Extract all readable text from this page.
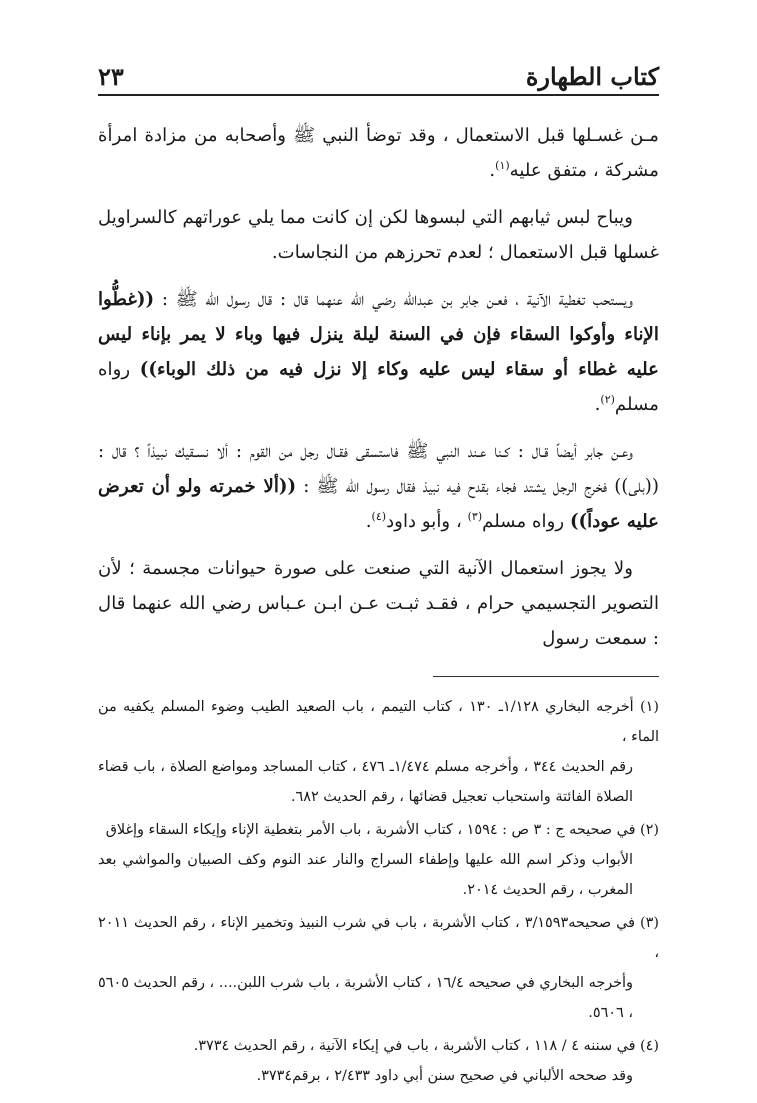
كتاب الطهارة
٢٣

مـن غسـلها قبل الاستعمال ، وقد توضأ النبي ﷺ وأصحابه من مزادة امرأة مشركة ، متفق عليه$^{(١)}$.

ويباح لبس ثيابهم التي لبسوها لكن إن كانت مما يلي عوراتهم كالسراويل غسلها قبل الاستعمال ؛ لعدم تحرزهم من النجاسات.

ويستحب تغطية الآنية ، فعـن جابر بن عبدالله رضي الله عنهما قال : قال رسول الله ﷺ : ((غطُّوا الإناء وأوكوا السقاء فإن في السنة ليلة ينزل فيها وباء لا يمر بإناء ليس عليه غطاء أو سقاء ليس عليه وكاء إلا نزل فيه من ذلك الوباء)) رواه مسلم$^{(٢)}$.

وعـن جابر أيضاً قـال : كـنا عـند النبي ﷺ فاستسقى فقـال رجل من القوم : ألا نسـقيك نبيذاً ؟ قال : ((بلى)) فخرج الرجل يشتد فجاء بقدح فيه نبيذ فقال رسول الله ﷺ : ((ألا خمرته ولو أن تعرض عليه عوداً)) رواه مسلم$^{(٣)}$ ، وأبو داود$^{(٤)}$.

ولا يجوز استعمال الآنية التي صنعت على صورة حيوانات مجسمة ؛ لأن التصوير التجسيمي حرام ، فقـد ثبـت عـن ابـن عـباس رضي الله عنهما قال : سمعت رسول

(١) أخرجه البخاري ١/١٢٨ـ ١٣٠ ، كتاب التيمم ، باب الصعيد الطيب وضوء المسلم يكفيه من الماء ،
رقم الحديث ٣٤٤ ، وأخرجه مسلم ١/٤٧٤ـ ٤٧٦ ، كتاب المساجد ومواضع الصلاة ، باب قضاء الصلاة الفائتة واستحباب تعجيل قضائها ، رقم الحديث ٦٨٢.
(٢) في صحيحه ج : ٣ ص : ١٥٩٤ ، كتاب الأشربة ، باب الأمر بتغطية الإناء وإيكاء السقاء وإغلاق
الأبواب وذكر اسم الله عليها وإطفاء السراج والنار عند النوم وكف الصبيان والمواشي بعد المغرب ، رقم الحديث ٢٠١٤.
(٣) في صحيحه٣/١٥٩٣ ، كتاب الأشربة ، باب في شرب النبيذ وتخمير الإناء ، رقم الحديث ٢٠١١ ،
وأخرجه البخاري في صحيحه ١٦/٤ ، كتاب الأشربة ، باب شرب اللبن.... ، رقم الحديث ٥٦٠٥ ، ٥٦٠٦.
(٤) في سننه ٤ / ١١٨ ، كتاب الأشربة ، باب في إيكاء الآنية ، رقم الحديث ٣٧٣٤.
وقد صححه الألباني في صحيح سنن أبي داود ٢/٤٣٣ ، برقم٣٧٣٤.
